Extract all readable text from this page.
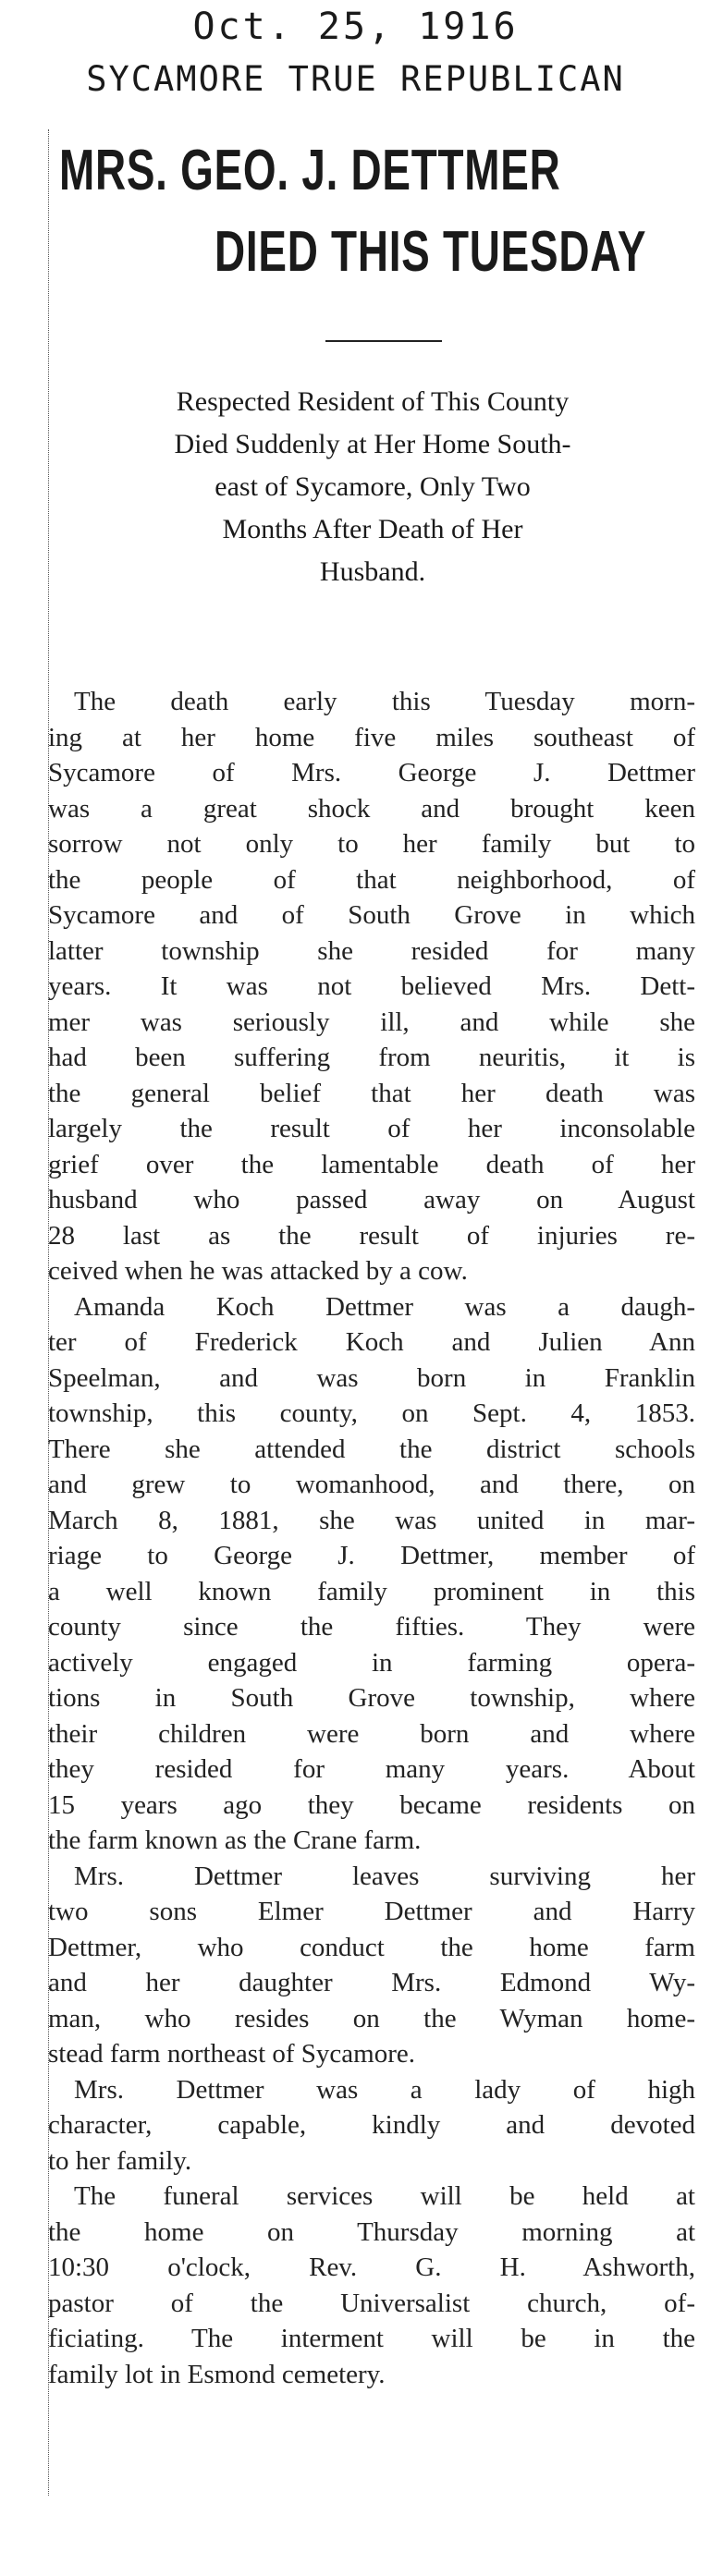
Oct. 25, 1916
SYCAMORE TRUE REPUBLICAN
MRS. GEO. J. DETTMER
DIED THIS TUESDAY
Respected Resident of This County
Died Suddenly at Her Home South-
east of Sycamore, Only Two
Months After Death of Her
Husband.
The death early this Tuesday morn-
ing at her home five miles southeast of
Sycamore of Mrs. George J. Dettmer
was a great shock and brought keen
sorrow not only to her family but to
the people of that neighborhood, of
Sycamore and of South Grove in which
latter township she resided for many
years. It was not believed Mrs. Dett-
mer was seriously ill, and while she
had been suffering from neuritis, it is
the general belief that her death was
largely the result of her inconsolable
grief over the lamentable death of her
husband who passed away on August
28 last as the result of injuries re-
ceived when he was attacked by a cow.
Amanda Koch Dettmer was a daugh-
ter of Frederick Koch and Julien Ann
Speelman, and was born in Franklin
township, this county, on Sept. 4, 1853.
There she attended the district schools
and grew to womanhood, and there, on
March 8, 1881, she was united in mar-
riage to George J. Dettmer, member of
a well known family prominent in this
county since the fifties. They were
actively engaged in farming opera-
tions in South Grove township, where
their children were born and where
they resided for many years. About
15 years ago they became residents on
the farm known as the Crane farm.
Mrs. Dettmer leaves surviving her
two sons Elmer Dettmer and Harry
Dettmer, who conduct the home farm
and her daughter Mrs. Edmond Wy-
man, who resides on the Wyman home-
stead farm northeast of Sycamore.
Mrs. Dettmer was a lady of high
character, capable, kindly and devoted
to her family.
The funeral services will be held at
the home on Thursday morning at
10:30 o'clock, Rev. G. H. Ashworth,
pastor of the Universalist church, of-
ficiating. The interment will be in the
family lot in Esmond cemetery.
